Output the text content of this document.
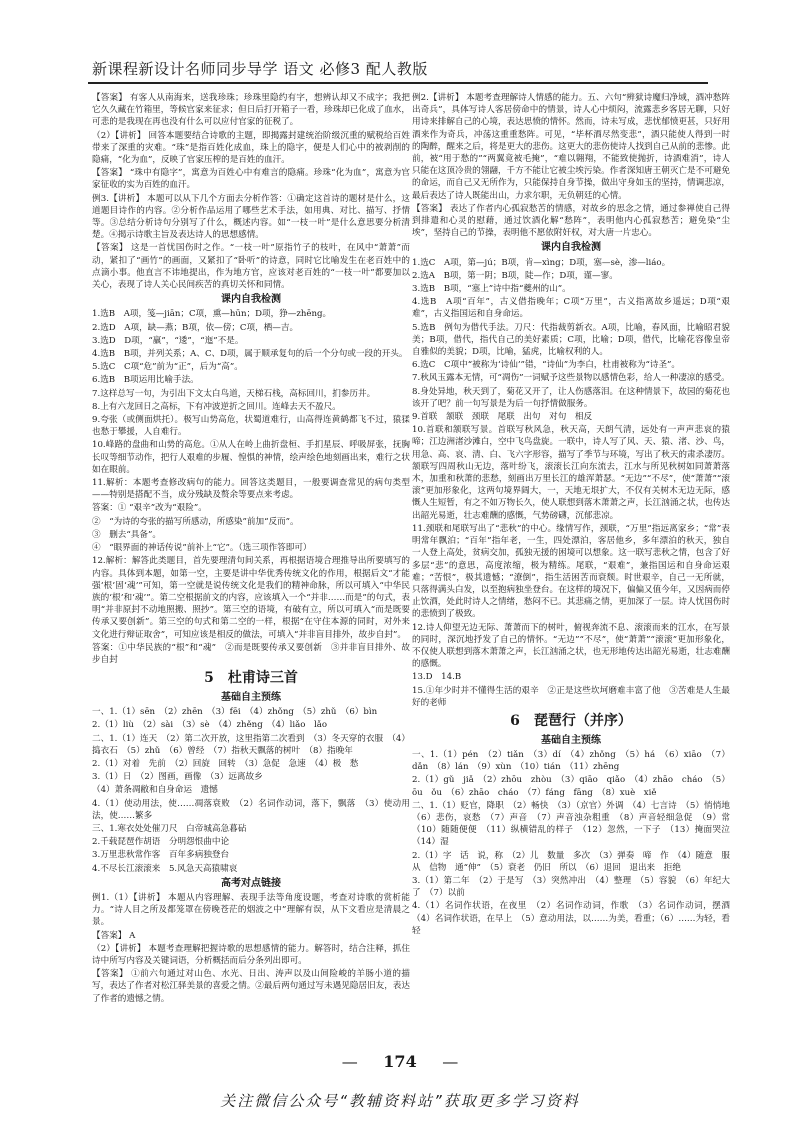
新课程新设计名师同步导学 语文 必修3 配人教版

【答案】 有客人从南海来，送我珍珠；珍珠里隐约有字，想辨认却又不成字；我把它久久藏在竹箱里，等候官家来征求；但日后打开箱子一看，珍珠却已化成了血水，可悲的是我现在再也没有什么可以应付官家的征税了。

（2）【讲析】 回答本题要结合诗歌的主题，即揭露封建统治阶级沉重的赋税给百姓带来了深重的灾难。“珠”是指百姓化成血，珠上的隐字，便是人们心中的被剥削的隐痛，“化为血”，反映了官家压榨的是百姓的血汗。

【答案】 “珠中有隐字”，寓意为百姓心中有难言的隐痛。珍珠“化为血”，寓意为官家征收的实为百姓的血汗。

例3.【讲析】 本题可以从下几个方面去分析作答：①确定这首诗的题材是什么，这道题目诗作的内容。②分析作品运用了哪些艺术手法，如用典、对比、描写、抒情等。③总结分析诗句分别写了什么，概述内容。如“一枝一叶”是什么意思要分析清楚。④揭示诗歌主旨及表达诗人的思想感情。

【答案】 这是一首忧国伤时之作。“一枝一叶”原指竹子的枝叶，在风中“萧萧”而动，紧扣了“画竹”的画面，又紧扣了“卧听”的诗意，同时它比喻发生在老百姓中的点滴小事。他直言不讳地提出，作为地方官，应该对老百姓的“一枝一叶”都要加以关心，表现了诗人关心民间疾苦的真切关怀和同情。

课内自我检测

1.选B　A项，笺—jiān；C项，熏—hūn；D项，狰—zhēng。

2.选D　A项，缺—燕；B项，依—傍；C项，栖—吉。

3.选D　D项，“羸”，“逶”，“迤”不是。

4.选B　B项，并列关系；A、C、D项，属于顺承复句的后一个分句或一段的开头。

5.选C　C项“危”前为“正”，后为“高”。

6.选B　B项运用比喻手法。

7.这样总写一句，为引出下文太白鸟道，天梯石栈，高标回川，扪参历井。

8.上有六龙回日之高标，下有冲波逆折之回川。连峰去天不盈尺。

9.夸张（或侧面烘托）。极写山势高危，状蜀道难行，山高得连黄鹤都飞不过，猿猱也愁于攀援，人自难行。

10.峰路的盘曲和山势的高危。①从人在岭上曲折盘桓、手扪星辰、呼吸屏张，抚胸长叹等细节动作，把行人艰难的步履、惶惧的神情，绘声绘色地刻画出来，难行之状如在眼前。

11.解析：本题考查修改病句的能力。回答这类题目，一般要调查常见的病句类型——特别是搭配不当，成分残缺及赘余等要点来考虑。

答案：① “艰辛”改为“艰险”。

②　“为诗的夸张的描写所感动，所感染”前加“反而”。

③　删去“具备”。

④　“眼界面的神话传说”前补上“它”。（选三项作答即可）

12.解析：解答此类题目，首先要理清句间关系，再根据语境合理推导出所要填写的内容。具体到本题，如第一空，主要是讲中华优秀传统文化的作用，根据后文“才能强‘根’固‘魂’”可知，第一空就是说传统文化是我们的精神命脉，所以可填入“中华民族的‘根’和‘魂’”。第二空根据前文的内容，应该填入一个“并非……而是”的句式，表明“并非原封不动地照搬、照抄”。第三空的语境，有破有立，所以可填入“而是既要传承又要创新”。第三空的句式和第二空的一样，根据“在守住本源的同时，对外来文化进行辩证取舍”，可知应该是相反的做法，可填入“并非盲目排外，故步自封”。

答案：①中华民族的“根”和“魂”　②而是既要传承又要创新　③并非盲目排外、故步自封

5　杜甫诗三首
基础自主预练

一、1.（1）sēn　（2）zhēn　（3）fēi　（4）zhǒng　（5）zhǔ　（6）bìn

2.（1）liù　（2）sài　（3）sè　（4）zhěng　（4）liǎo　lǎo

二、1.（1）连天　（2）第二次开放，这里指第二次看到　（3）冬天穿的衣服　（4）捣衣石　（5）zhǔ　（6）曾经　（7）指秋天飘落的树叶　（8）指晚年

2.（1）对着　先前　（2）回旋　回转　（3）急促　急速　（4）极　愁

3.（1）日　（2）图画，画像　（3）远离故乡

（4）萧条凋敝和自身命运　遗憾

4.（1）使动用法，使……凋落衰败　（2）名词作动词，落下，飘落　（3）使动用法，使……繁多

三、1.寒衣处处催刀尺　白帝城高急暮砧

2.千载琵琶作胡语　分明怨恨曲中论

3.万里悲秋常作客　百年多病独登台

4.不尽长江滚滚来　5.风急天高猿啸哀

高考对点链接

例1.（1）【讲析】 本题从内容理解、表现手法等角度设题，考查对诗歌的赏析能力。“诗人目之所及都笼罩在傍晚苍茫的烟波之中”理解有误，从下文看应是清晨之景。

【答案】 A

（2）【讲析】 本题考查理解把握诗歌的思想感情的能力。解答时，结合注释，抓住诗中所写内容及关键词语，分析概括而后分条列出即可。

【答案】 ①前六句通过对山色、水光、日出、涛声以及山间险峻的羊肠小道的描写，表达了作者对松江驿美景的喜爱之情。②最后两句通过写未遇见隐居旧友，表达了作者的遗憾之情。

例2.【讲析】 本题考查理解诗人情感的能力。五、六句“辨狱诗魔归净域，酒冲愁阵出奇兵”，具体写诗人客居傍命中的情景，诗人心中烦闷，流露悲乡客居无聊，只好用诗来排解自己的心境，表达思愤的情怀。然而，诗未写成，悲忧郁愤更甚，只好用酒来作为奇兵，冲荡这重重愁阵。可见，“毕杯酒尽然变悲”，酒只能使人得到一时的陶醉，醒来之后，将是更大的悲伤。这更大的悲伤使诗人找到自己从前的悲惨。此前，被“用于愁的”“两翼竟被毛掩”，“难以翱翔，不能致使抛折，诗酒难消”，诗人只能在这顶冷贵的翎翮，千方不能让它被尘埃污染。作者深知唐王朝灭亡是不可避免的命运，而自己又无所作为，只能保持自身节操，做出守身如玉的坚持，情调悲凉，最后表达了诗人既能出山，力求尔职，无负朝廷的心情。

【答案】 表达了作者内心孤寂愁苦的情感，对故乡的思念之情，通过参禅使自己得到排遣和心灵的慰藉，通过饮酒化解“愁阵”，表明他内心孤寂愁苦；避免染“尘埃”，坚持自己的节操，表明他不愿依附奸权，对大唐一片忠心。

课内自我检测

1.选C　A项，第—jú；B项，肯—xìng；D项，塞—sè，渗—liáo。

2.选A　B项，第一阴；B项，陡—作；D项，谨—寥。

3.选B　B项，“塞上”诗中指“夔州的山”。

4.选B　A项“百年”，古义借指晚年；C项“万里”，古义指离故乡遥远；D项“艰难”，古义指国运和自身命运。

5.选B　例句为借代手法。刀尺：代指裁剪新衣。A项，比喻，春风面，比喻昭君貌美；B项，借代，指代自己的美好素质；C项，比喻；D项，借代，比喻花容像皇帝自雅似的美貌；D项，比喻，猛虎，比喻权利的人。

6.选C　C项中“被称为‘诗仙’”错，“诗仙”为李白，杜甫被称为“诗圣”。

7.秋风玉露本无情，可“凋伤”一词赋予这些景物以感情色彩，给人一种凄凉的感受。

8.身处异地，秋天到了，菊花又开了，让人伤感落泪。在这种情景下，故园的菊花也该开了吧？前一句写景是为后一句抒情做服务。

9.首联　颔联　颈联　尾联　出句　对句　相反

10.首联和颔联写景。首联写秋风急，秋天高，天朗气清，远处有一声声悲哀的猿啼；江边洲渚沙滩白，空中飞鸟盘旋。一联中，诗人写了风、天、猿、渚、沙、鸟，用急、高、哀、清、白、飞六字形容，描写了季节与环境，写出了秋天的肃杀凄厉。颔联写四周秋山无边，落叶纷飞，滚滚长江向东流去，江水与所见秋树如同萧萧落木，加重和秋萧的悲愁，刻画出万里长江的雄浑萧瑟。“无边”“不尽”，使“萧萧”“滚滚”更加形象化，这两句境界阔大，一，天地无垠扩大，不仅有关树木无边无际，感慨人生短暂，有之不如万物长久，使人联想到落木萧萧之声，长江汹涌之状，也传达出韶光易逝，壮志难酬的感慨，气势磅礴，沉郁悲凉。

11.颈联和尾联写出了“悲秋”的中心。缘情写作，颈联，“万里”指远离家乡；“常”表明常年飘泊；“百年”指年老，一生，四处漂泊，客居他乡，多年漂泊的秋天，独自一人登上高处，贫病交加，孤独无援的困境可以想象。这一联写悲秋之情，包含了好多层“悲”的意思，高度浓缩，极为精练。尾联，“艰难”，兼指国运和自身命运艰难；“苦恨”，极其遗憾；“潦倒”，指生活困苦而衰颓。时世艰辛，自己一无所就，只落得满头白发，以至抱病独坐登台。在这样的境况下，偏偏又值今年，又因病而停止饮酒，处此时诗人之情绪，愁闷不已。其悲痛之情，更加深了一层。诗人忧国伤时的悲愤到了极致。

12.诗人仰望无边无际、萧萧而下的树叶，俯视奔流不息、滚滚而来的江水，在写景的同时，深沉地抒发了自己的情怀。“无边”“不尽”，使“萧萧”“滚滚”更加形象化，不仅使人联想到落木萧萧之声，长江汹涌之状，也无形地传达出韶光易逝，壮志难酬的感慨。

13.D　14.B

15.①年少时并不懂得生活的艰辛　②正是这些坎坷磨难丰富了他　③苦难是人生最好的老师

6　琵琶行（并序）
基础自主预练

一、1.（1）pén　（2）tiǎn　（3）dí　（4）zhǒng　（5）há　（6）xiāo　（7）dǎn　（8）lán　（9）xùn　（10）tián　（11）zhēng

2.（1）gǔ　jiǎ　（2）zhōu　zhòu　（3）qiāo　qiǎo　（4）zhāo　cháo　（5）ōu　ǒu　（6）zhāo　cháo　（7）fáng　fāng　（8）xuè　xiě

二、1.（1）贬官，降职　（2）畅快　（3）（京官）外调　（4）七言诗　（5）悄悄地　（6）悲伤，哀愁　（7）声音　（7）声音浊杂粗重　（8）声音轻细急促　（9）常　（10）随随便便　（11）纵横错乱的样子　（12）忽然，一下子　（13）掩面哭泣　（14）湿

2.（1）字　话　说，称　（2）儿　数量　多次　（3）弹奏　啼　作　（4）随意　服从　信物　通“伸”　（5）衰老　仍旧　所以　（6）退回　退出来　拒绝

3.（1）第二年　（2）于是写　（3）突然冲出　（4）整理　（5）容貌　（6）年纪大了　（7）以前

4.（1）名词作状语，在夜里　（2）名词作动词，作歌　（3）名词作动词，摆酒　（4）名词作状语，在早上　（5）意动用法，以……为美，看重；（6）……为轻，看轻

— 174 —
关注微信公众号“教辅资料站”获取更多学习资料
